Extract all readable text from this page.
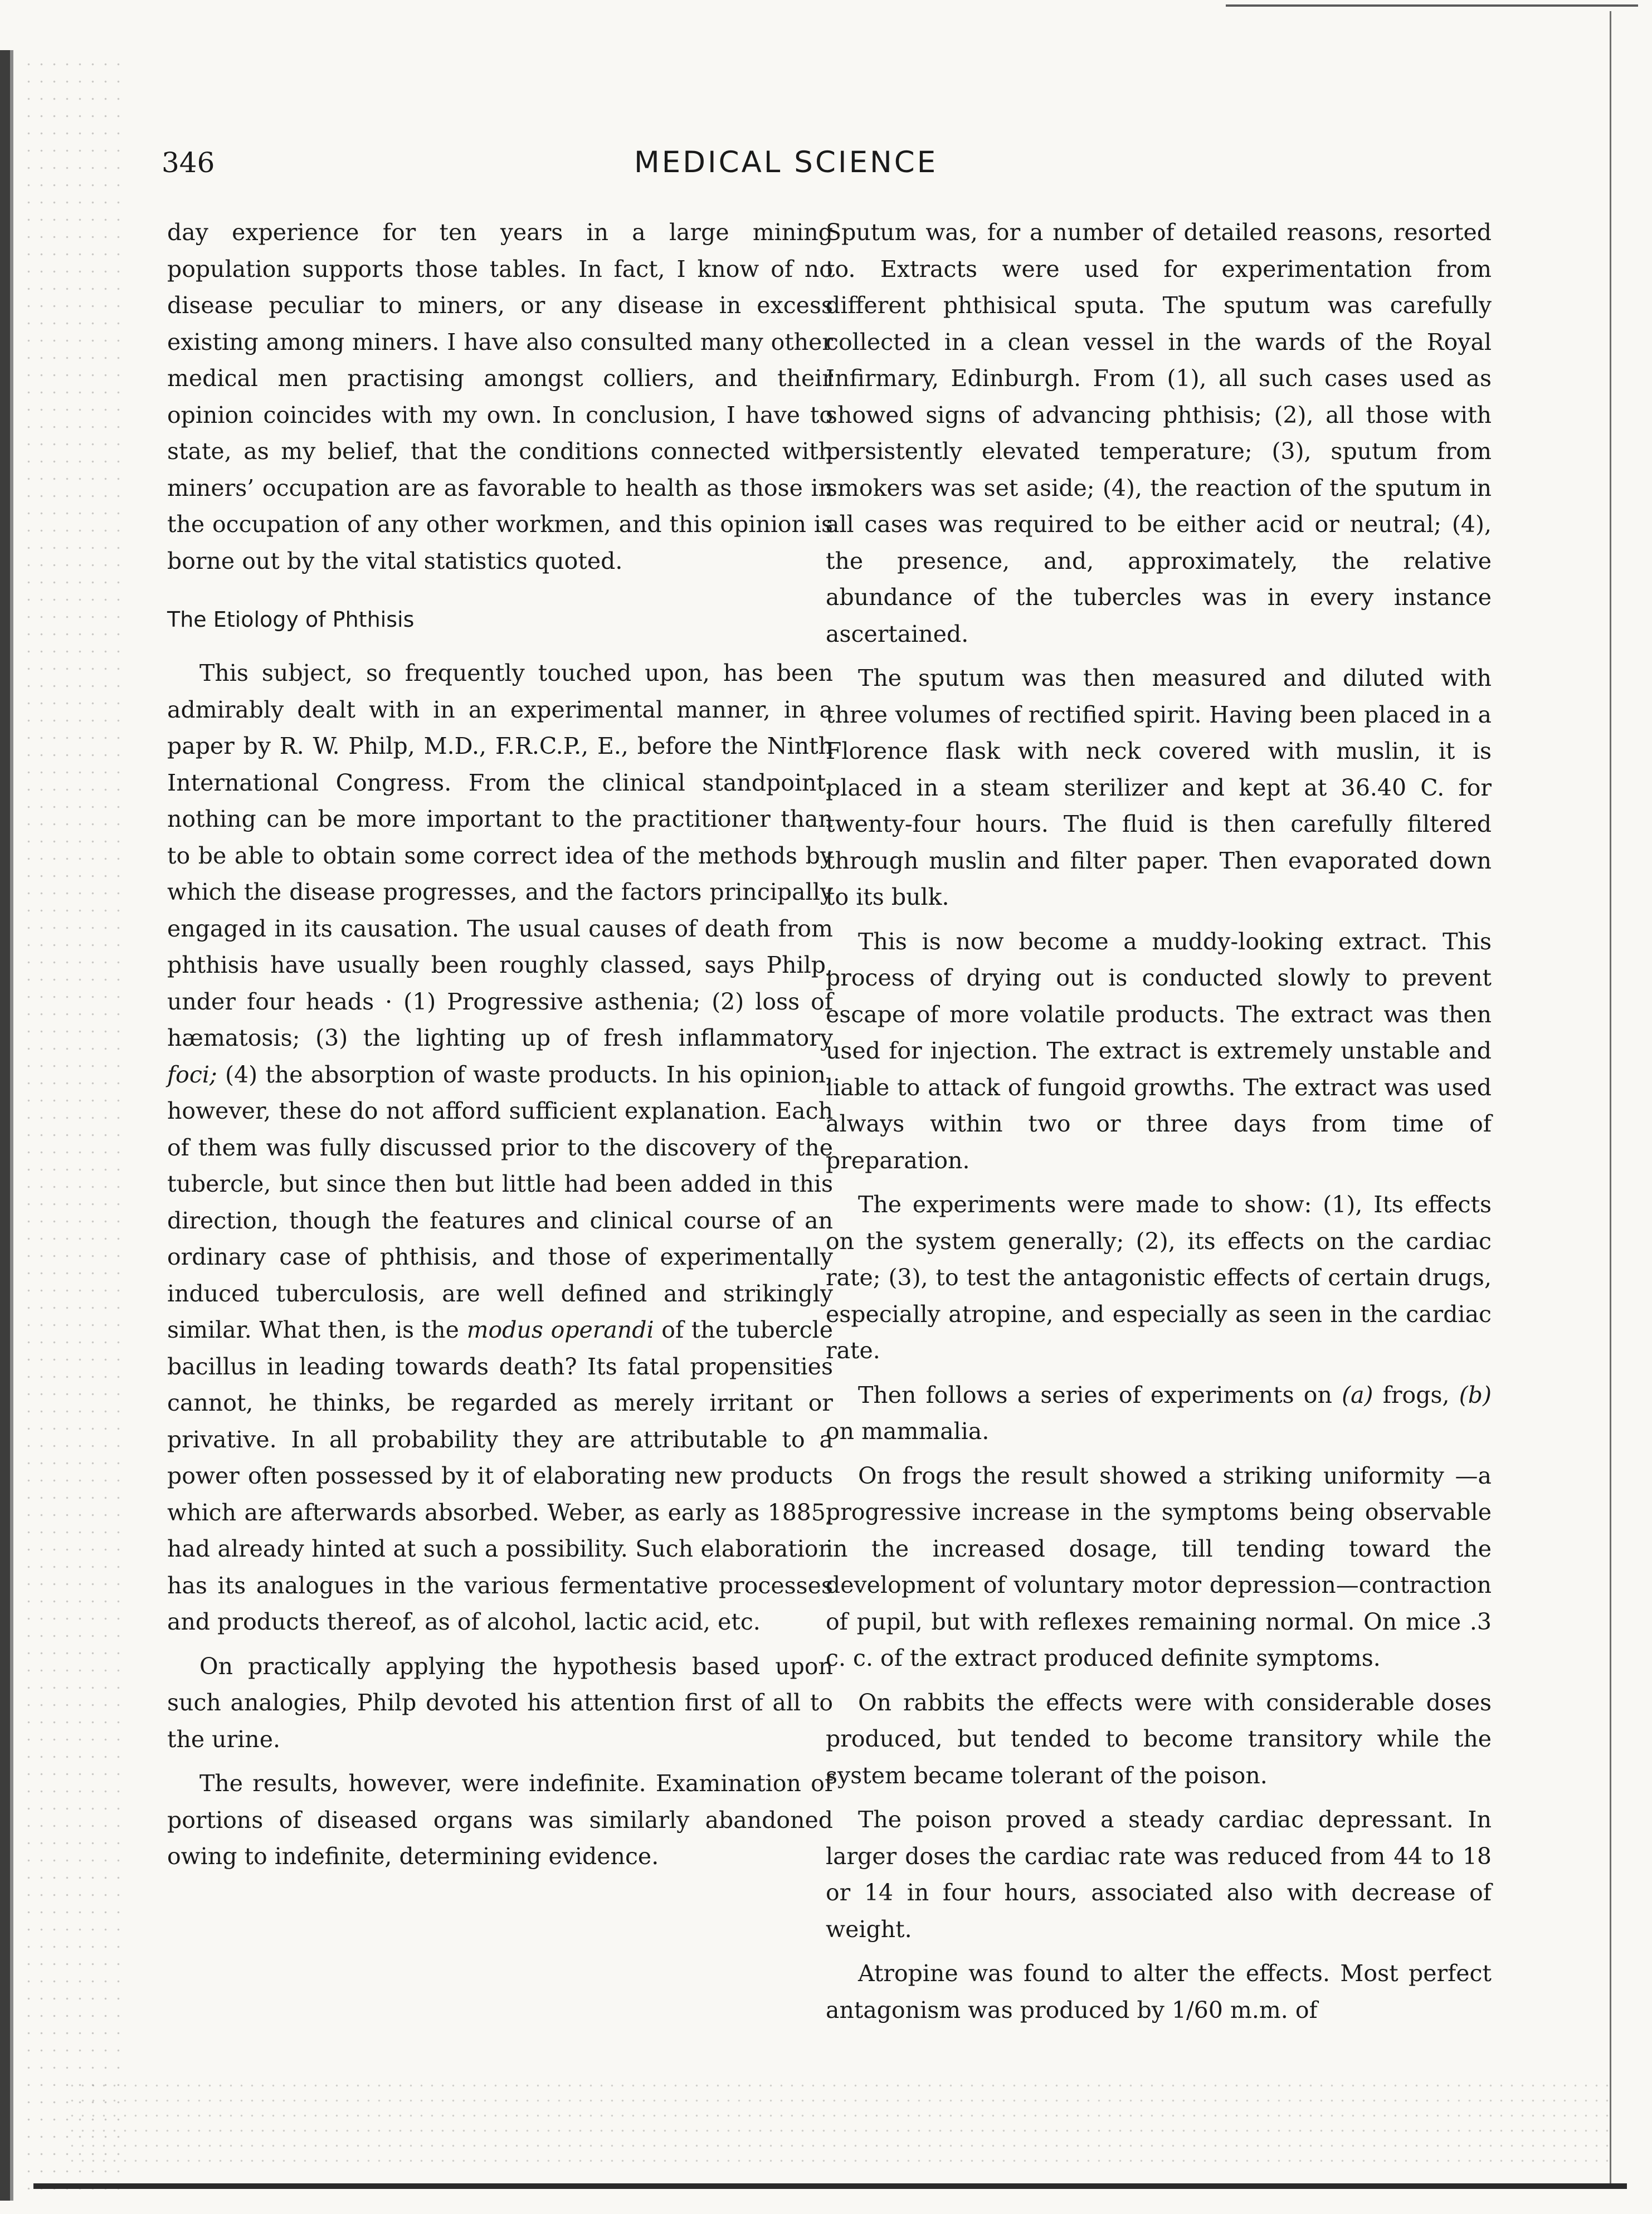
346	MEDICAL SCIENCE

day experience for ten years in a large mining population supports those tables. In fact, I know of no disease peculiar to miners, or any disease in excess existing among miners. I have also consulted many other medical men practising amongst colliers, and their opinion coincides with my own. In conclusion, I have to state, as my belief, that the conditions connected with miners’ occupation are as favorable to health as those in the occupation of any other workmen, and this opinion is borne out by the vital statistics quoted.

The Etiology of Phthisis

This subject, so frequently touched upon, has been admirably dealt with in an experimental manner, in a paper by R. W. Philp, M.D., F.R.C.P., E., before the Ninth International Congress. From the clinical standpoint, nothing can be more important to the practitioner than to be able to obtain some correct idea of the methods by which the disease progresses, and the factors principally engaged in its causation. The usual causes of death from phthisis have usually been roughly classed, says Philp, under four heads · (1) Progressive asthenia; (2) loss of hæmatosis; (3) the lighting up of fresh inflammatory foci; (4) the absorption of waste products. In his opinion, however, these do not afford sufficient explanation. Each of them was fully discussed prior to the discovery of the tubercle, but since then but little had been added in this direction, though the features and clinical course of an ordinary case of phthisis, and those of experimentally induced tuberculosis, are well defined and strikingly similar. What then, is the modus operandi of the tubercle bacillus in leading towards death? Its fatal propensities cannot, he thinks, be regarded as merely irritant or privative. In all probability they are attributable to a power often possessed by it of elaborating new products which are afterwards absorbed. Weber, as early as 1885, had already hinted at such a possibility. Such elaboration has its analogues in the various fermentative processes and products thereof, as of alcohol, lactic acid, etc.

On practically applying the hypothesis based upon such analogies, Philp devoted his attention first of all to the urine.

The results, however, were indefinite. Examination of portions of diseased organs was similarly abandoned owing to indefinite, determining evidence.

Sputum was, for a number of detailed reasons, resorted to. Extracts were used for experimentation from different phthisical sputa. The sputum was carefully collected in a clean vessel in the wards of the Royal Infirmary, Edinburgh. From (1), all such cases used as showed signs of advancing phthisis; (2), all those with persistently elevated temperature; (3), sputum from smokers was set aside; (4), the reaction of the sputum in all cases was required to be either acid or neutral; (4), the presence, and, approximately, the relative abundance of the tubercles was in every instance ascertained.

The sputum was then measured and diluted with three volumes of rectified spirit. Having been placed in a Florence flask with neck covered with muslin, it is placed in a steam sterilizer and kept at 36.40 C. for twenty-four hours. The fluid is then carefully filtered through muslin and filter paper. Then evaporated down to its bulk.

This is now become a muddy-looking extract. This process of drying out is conducted slowly to prevent escape of more volatile products. The extract was then used for injection. The extract is extremely unstable and liable to attack of fungoid growths. The extract was used always within two or three days from time of preparation.

The experiments were made to show: (1), Its effects on the system generally; (2), its effects on the cardiac rate; (3), to test the antagonistic effects of certain drugs, especially atropine, and especially as seen in the cardiac rate.

Then follows a series of experiments on (a) frogs, (b) on mammalia.

On frogs the result showed a striking uniformity —a progressive increase in the symptoms being observable in the increased dosage, till tending toward the development of voluntary motor depression—contraction of pupil, but with reflexes remaining normal. On mice .3 c. c. of the extract produced definite symptoms.

On rabbits the effects were with considerable doses produced, but tended to become transitory while the system became tolerant of the poison.

The poison proved a steady cardiac depressant. In larger doses the cardiac rate was reduced from 44 to 18 or 14 in four hours, associated also with decrease of weight.

Atropine was found to alter the effects. Most perfect antagonism was produced by 1/60 m.m. of
